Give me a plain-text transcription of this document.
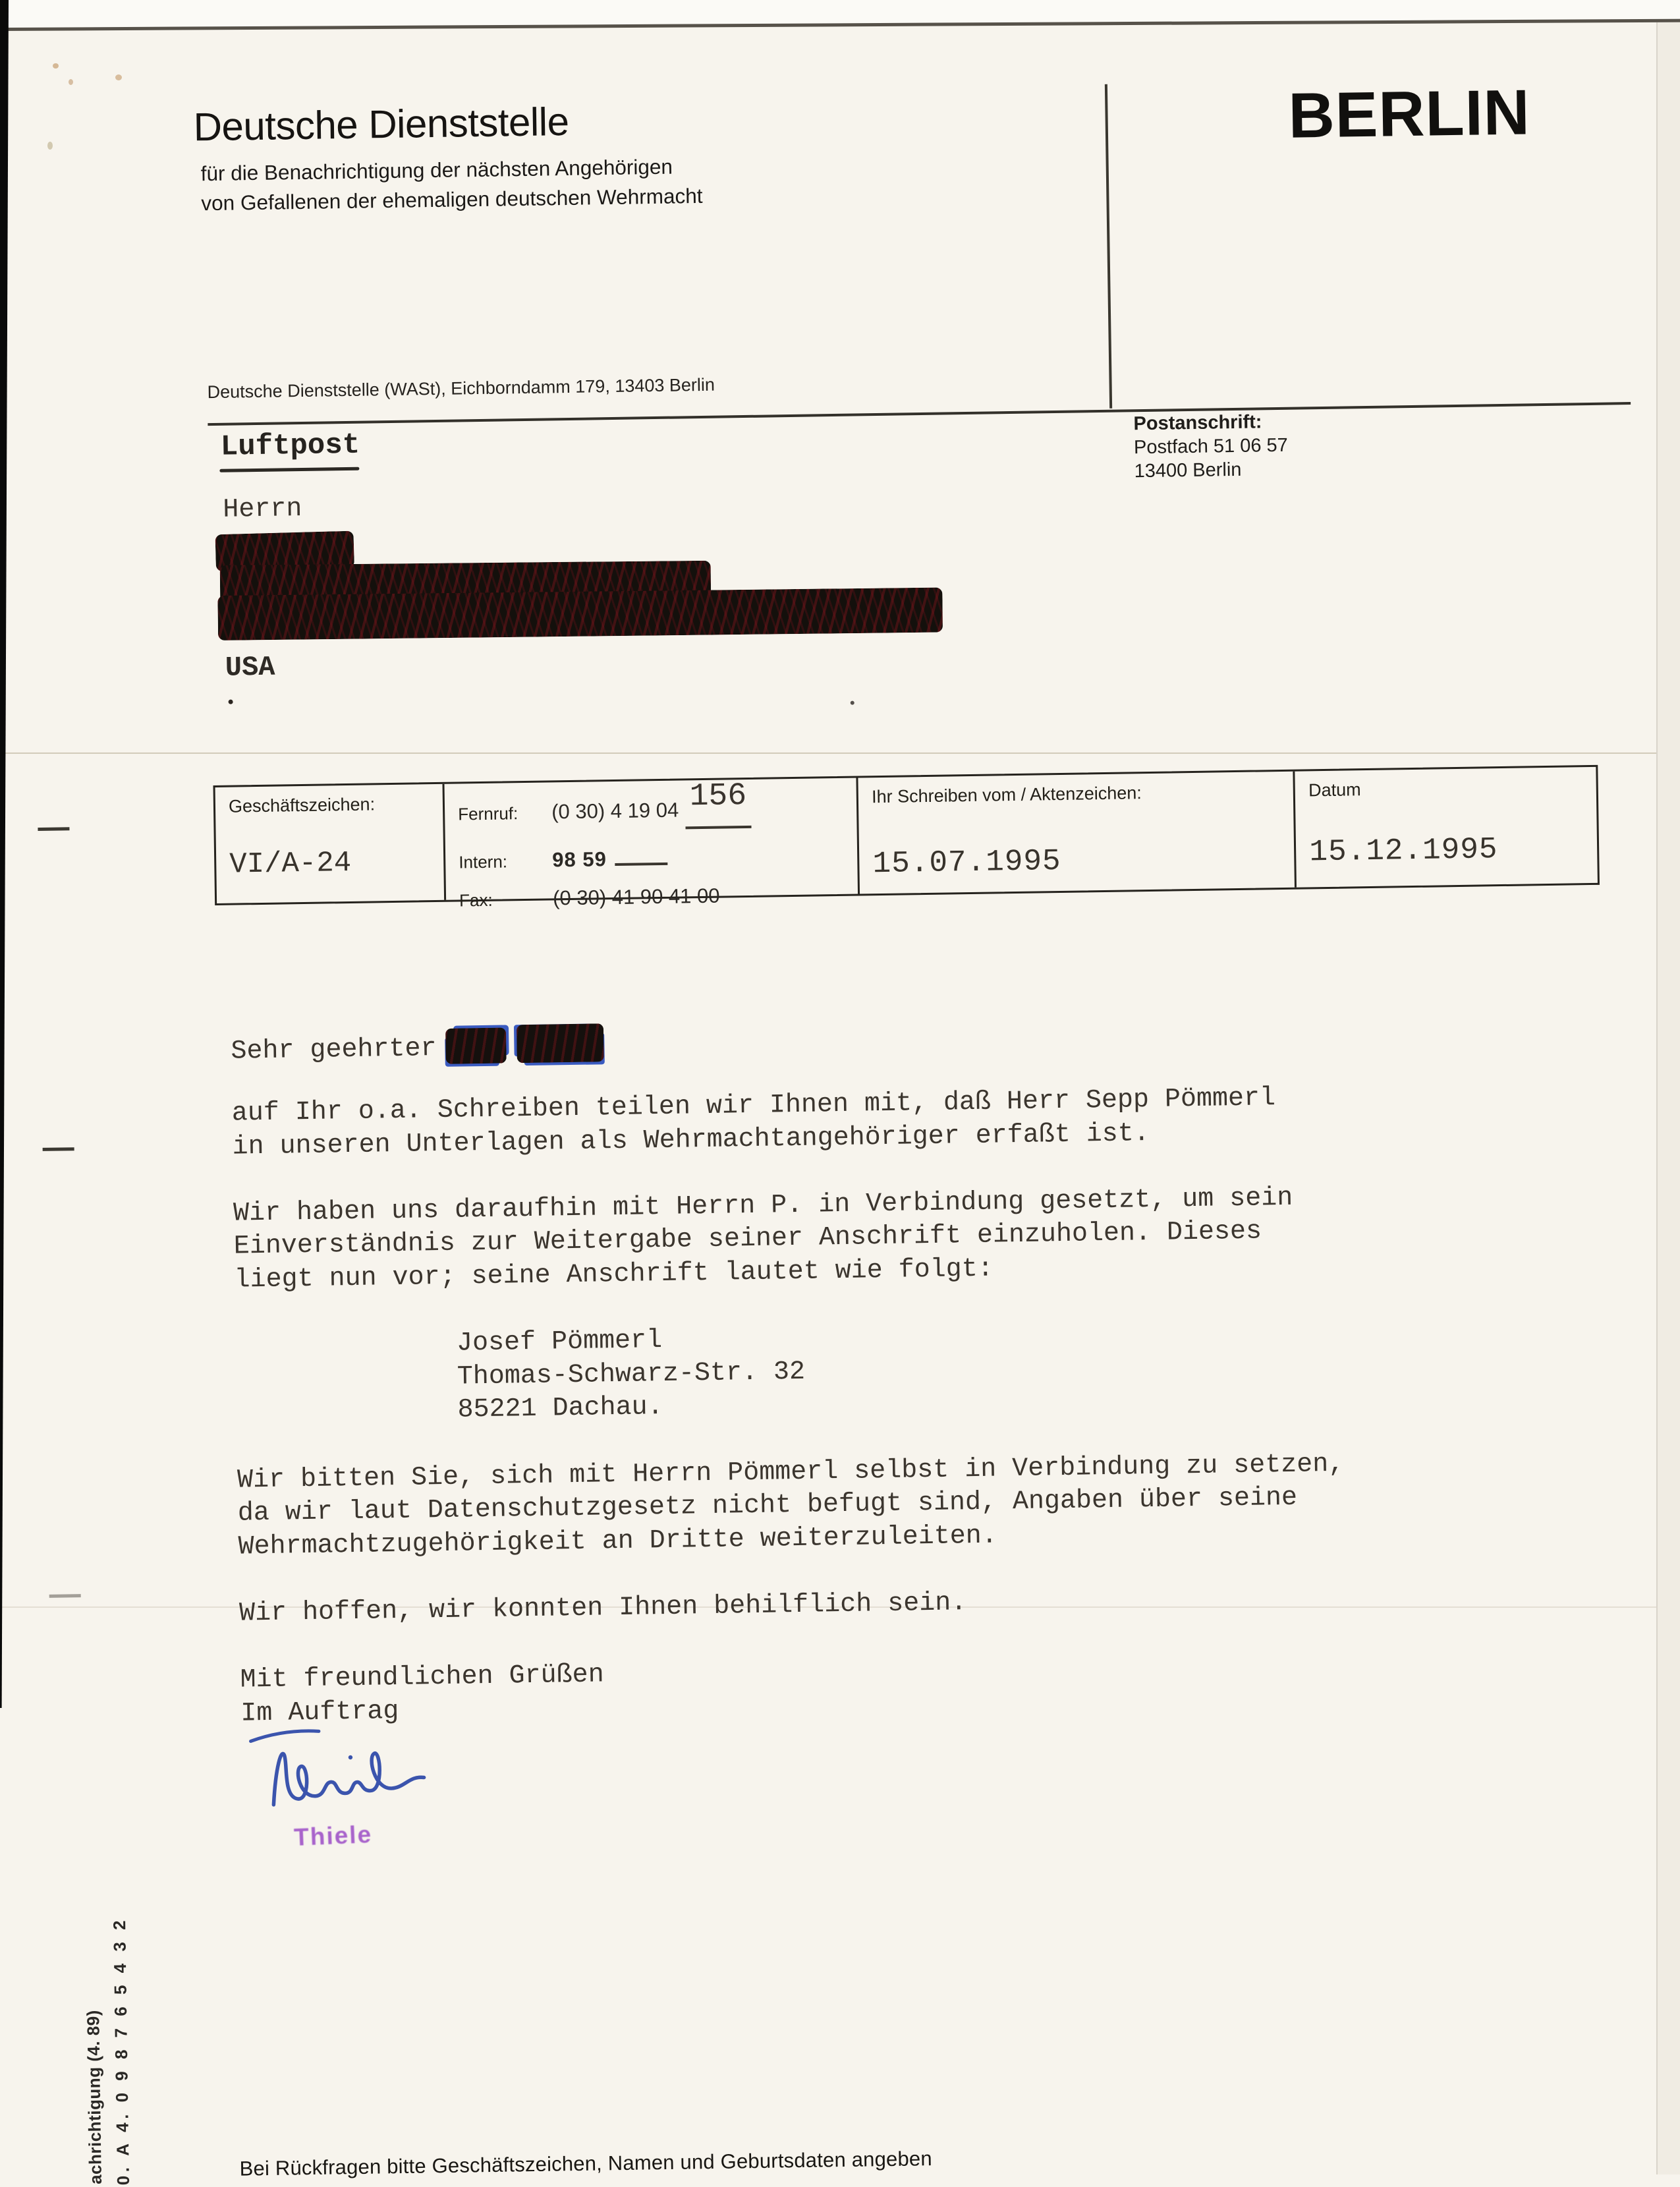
Deutsche Dienststelle
für die Benachrichtigung der nächsten Angehörigen
von Gefallenen der ehemaligen deutschen Wehrmacht
BERLIN
Deutsche Dienststelle (WASt), Eichborndamm 179, 13403 Berlin
Postanschrift:
Postfach 51 06 57
13400 Berlin
Luftpost
Herrn
USA
Geschäftszeichen:
VI/A-24
Fernruf:	(0 30) 4 19 04 156
Intern:	98 59
Fax:	(0 30) 41 90 41 00
Ihr Schreiben vom / Aktenzeichen:
15.07.1995
Datum
15.12.1995
Sehr geehrter
auf Ihr o.a. Schreiben teilen wir Ihnen mit, daß Herr Sepp Pömmerl
in unseren Unterlagen als Wehrmachtangehöriger erfaßt ist.

Wir haben uns daraufhin mit Herrn P. in Verbindung gesetzt, um sein
Einverständnis zur Weitergabe seiner Anschrift einzuholen. Dieses
liegt nun vor; seine Anschrift lautet wie folgt:

Josef Pömmerl
Thomas-Schwarz-Str. 32
85221 Dachau.

Wir bitten Sie, sich mit Herrn Pömmerl selbst in Verbindung zu setzen,
da wir laut Datenschutzgesetz nicht befugt sind, Angaben über seine
Wehrmachtzugehörigkeit an Dritte weiterzuleiten.

Wir hoffen, wir konnten Ihnen behilflich sein.

Mit freundlichen Grüßen
Im Auftrag
Thiele
achrichtigung (4. 89) 0. A 4. 0 9 8 7 6 5 4 3 2	Bei Rückfragen bitte Geschäftszeichen, Namen und Geburtsdaten angeben
